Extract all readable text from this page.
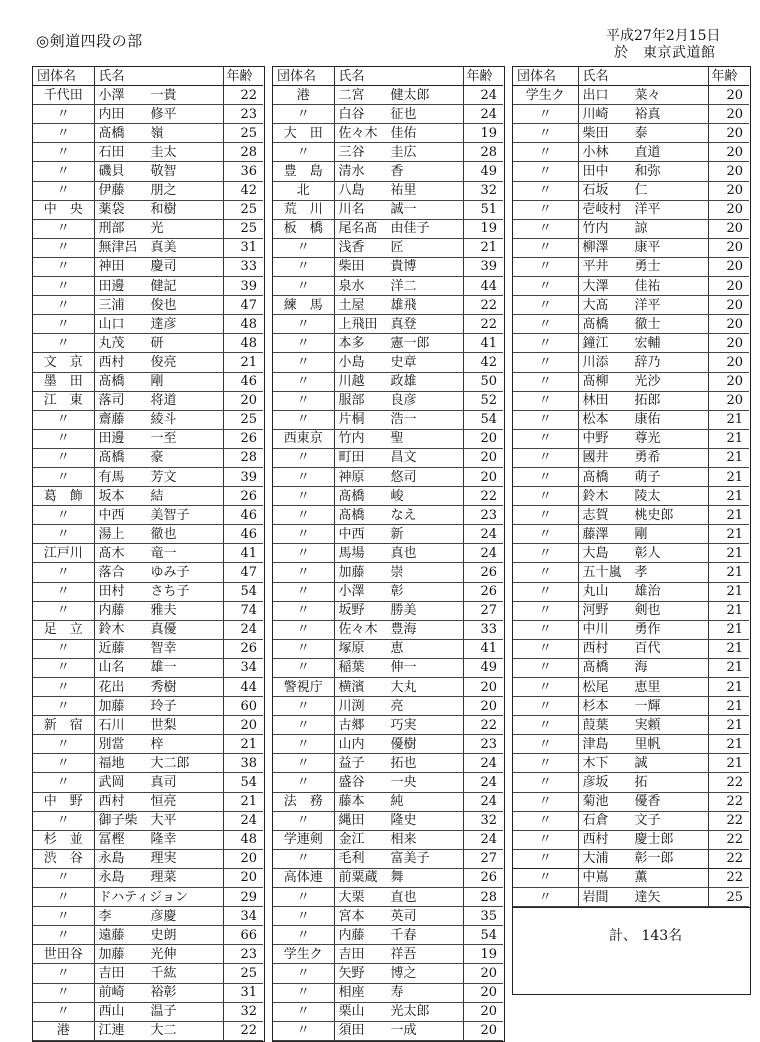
◎剣道四段の部	平成27年2月15日
於　東京武道館
団体名	氏名	年齢
千代田	小澤　　一貴	22
〃	内田　　修平	23
〃	髙橋　　嶺	25
〃	石田　　圭太	28
〃	磯貝　　敬智	36
〃	伊藤　　朋之	42
中　央	薬袋　　和樹	25
〃	刑部　　光	25
〃	無津呂　真美	31
〃	神田　　慶司	33
〃	田邊　　健記	39
〃	三浦　　俊也	47
〃	山口　　達彦	48
〃	丸茂　　研	48
文　京	西村　　俊亮	21
墨　田	髙橋　　剛	46
江　東	落司　　将道	20
〃	齋藤　　綾斗	25
〃	田邊　　一至	26
〃	髙橋　　豪	28
〃	有馬　　芳文	39
葛　飾	坂本　　結	26
〃	中西　　美智子	46
〃	湯上　　徹也	46
江戸川	髙木　　竜一	41
〃	落合　　ゆみ子	47
〃	田村　　さち子	54
〃	内藤　　雅夫	74
足　立	鈴木　　真優	24
〃	近藤　　智幸	26
〃	山名　　雄一	34
〃	花出　　秀樹	44
〃	加藤　　玲子	60
新　宿	石川　　世梨	20
〃	別當　　梓	21
〃	福地　　大二郎	38
〃	武岡　　真司	54
中　野	西村　　恒亮	21
〃	御子柴　大平	24
杉　並	冨樫　　隆幸	48
渋　谷	永島　　理実	20
〃	永島　　理菜	20
〃	ドハティジョン	29
〃	李　　　彦慶	34
〃	遠藤　　史朗	66
世田谷	加藤　　光伸	23
〃	吉田　　千紘	25
〃	前崎　　裕彰	31
〃	西山　　温子	32
港	江連　　大二	22
団体名	氏名	年齢
港	二宮　　健太郎	24
〃	白谷　　征也	24
大　田	佐々木　佳佑	19
〃	三谷　　圭広	28
豊　島	清水　　香	49
北	八島　　祐里	32
荒　川	川名　　誠一	51
板　橋	尾名髙　由佳子	19
〃	浅香　　匠	21
〃	柴田　　貴博	39
〃	泉水　　洋二	44
練　馬	土屋　　雄飛	22
〃	上飛田　真登	22
〃	本多　　憲一郎	41
〃	小島　　史章	42
〃	川越　　政雄	50
〃	服部　　良彦	52
〃	片桐　　浩一	54
西東京	竹内　　聖	20
〃	町田　　昌文	20
〃	神原　　悠司	20
〃	髙橋　　峻	22
〃	髙橋　　なえ	23
〃	中西　　新	24
〃	馬場　　真也	24
〃	加藤　　崇	26
〃	小澤　　彰	26
〃	坂野　　勝美	27
〃	佐々木　豊海	33
〃	塚原　　恵	41
〃	稲葉　　伸一	49
警視庁	横濱　　大丸	20
〃	川渕　　亮	20
〃	古郷　　巧実	22
〃	山内　　優樹	23
〃	益子　　拓也	24
〃	盛谷　　一央	24
法　務	藤本　　純	24
〃	縄田　　隆史	32
学連剣	金江　　相来	24
〃	毛利　　富美子	27
高体連	前粟蔵　舞	26
〃	大栗　　直也	28
〃	宮本　　英司	35
〃	内藤　　千春	54
学生ク	吉田　　祥吾	19
〃	矢野　　博之	20
〃	相座　　寿	20
〃	栗山　　光太郎	20
〃	須田　　一成	20
団体名	氏名	年齢
学生ク	出口　　菜々	20
〃	川崎　　裕真	20
〃	柴田　　泰	20
〃	小林　　直道	20
〃	田中　　和弥	20
〃	石坂　　仁	20
〃	壱岐村　洋平	20
〃	竹内　　諒	20
〃	柳澤　　康平	20
〃	平井　　勇士	20
〃	大澤　　佳祐	20
〃	大髙　　洋平	20
〃	髙橋　　徹士	20
〃	鐘江　　宏輔	20
〃	川添　　辞乃	20
〃	髙柳　　光沙	20
〃	林田　　拓郎	20
〃	松本　　康佑	21
〃	中野　　尊光	21
〃	國井　　勇希	21
〃	髙橋　　萌子	21
〃	鈴木　　陵太	21
〃	志賀　　桃史郎	21
〃	藤澤　　剛	21
〃	大島　　彰人	21
〃	五十嵐　孝	21
〃	丸山　　雄治	21
〃	河野　　剣也	21
〃	中川　　勇作	21
〃	西村　　百代	21
〃	髙橋　　海	21
〃	松尾　　恵里	21
〃	杉本　　一輝	21
〃	葭葉　　実頼	21
〃	津島　　里帆	21
〃	木下　　誠	21
〃	彦坂　　拓	22
〃	菊池　　優香	22
〃	石倉　　文子	22
〃	西村　　慶士郎	22
〃	大浦　　彰一郎	22
〃	中嶌　　薫	22
〃	岩間　　達矢	25
計、 143名
